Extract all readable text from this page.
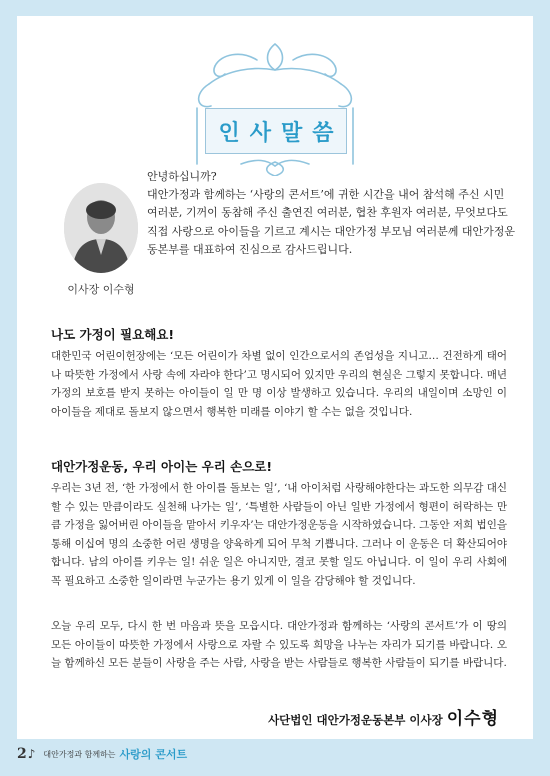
인사말씀
이사장 이수형

안녕하십니까?

대안가정과 함께하는 ‘사랑의 콘서트’에 귀한 시간을 내어 참석해 주신 시민 여러분, 기꺼이 동참해 주신 출연진 여러분, 협찬 후원자 여러분, 무엇보다도 직접 사랑으로 아이들을 기르고 계시는 대안가정 부모님 여러분께 대안가정운동본부를 대표하여 진심으로 감사드립니다.

나도 가정이 필요해요!

대한민국 어린이헌장에는 ‘모든 어린이가 차별 없이 인간으로서의 존엄성을 지니고… 건전하게 태어나 따뜻한 가정에서 사랑 속에 자라야 한다’고 명시되어 있지만 우리의 현실은 그렇지 못합니다. 매년 가정의 보호를 받지 못하는 아이들이 일 만 명 이상 발생하고 있습니다. 우리의 내일이며 소망인 이 아이들을 제대로 돌보지 않으면서 행복한 미래를 이야기 할 수는 없을 것입니다.

대안가정운동, 우리 아이는 우리 손으로!

우리는 3년 전, ‘한 가정에서 한 아이를 돌보는 일’, ‘내 아이처럼 사랑해야한다는 과도한 의무감 대신 할 수 있는 만큼이라도 실천해 나가는 일’, ‘특별한 사람들이 아닌 일반 가정에서 형편이 허락하는 만큼 가정을 잃어버린 아이들을 맡아서 키우자’는 대안가정운동을 시작하였습니다. 그동안 저희 법인을 통해 이십여 명의 소중한 어린 생명을 양육하게 되어 무척 기쁩니다. 그러나 이 운동은 더 확산되어야 합니다. 남의 아이를 키우는 일! 쉬운 일은 아니지만, 결코 못할 일도 아닙니다. 이 일이 우리 사회에 꼭 필요하고 소중한 일이라면 누군가는 용기 있게 이 일을 감당해야 할 것입니다.

오늘 우리 모두, 다시 한 번 마음과 뜻을 모읍시다. 대안가정과 함께하는 ‘사랑의 콘서트’가 이 땅의 모든 아이들이 따뜻한 가정에서 사랑으로 자랄 수 있도록 희망을 나누는 자리가 되기를 바랍니다. 오늘 함께하신 모든 분들이 사랑을 주는 사람, 사랑을 받는 사람들로 행복한 사람들이 되기를 바랍니다.

사단법인 대안가정운동본부 이사장 이수형
2 ♪ 대안가정과 함께하는 사랑의 콘서트
